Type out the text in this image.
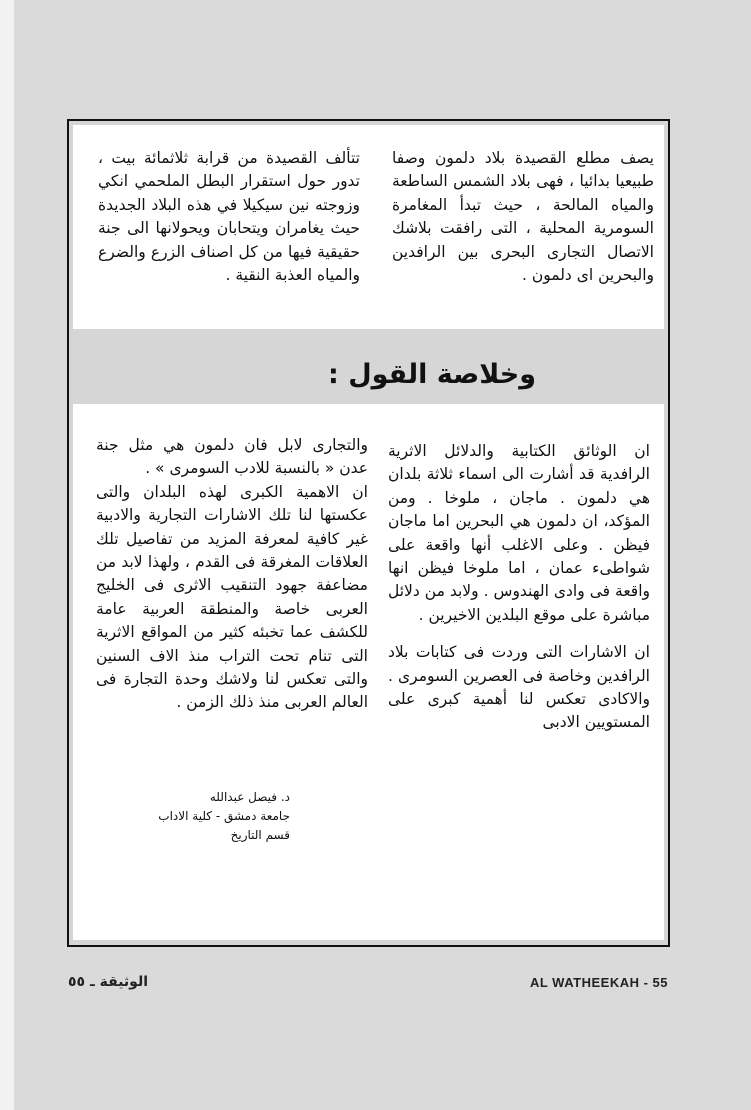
يصف مطلع القصيدة بلاد دلمون وصفا طبيعيا بدائيا ، فهى بلاد الشمس الساطعة والمياه المالحة ، حيث تبدأ المغامرة السومرية المحلية ، التى رافقت بلاشك الاتصال التجارى البحرى بين الرافدين والبحرين اى دلمون .

تتألف القصيدة من قرابة ثلاثمائة بيت ، تدور حول استقرار البطل الملحمي انكي وزوجته نين سيكيلا في هذه البلاد الجديدة حيث يغامران ويتحابان ويحولانها الى جنة حقيقية فيها من كل اصناف الزرع والضرع والمياه العذبة النقية .

وخلاصة القول :

ان الوثائق الكتابية والدلائل الاثرية الرافدية قد أشارت الى اسماء ثلاثة بلدان هي دلمون . ماجان ، ملوخا . ومن المؤكد، ان دلمون هي البحرين اما ماجان فيظن . وعلى الاغلب أنها واقعة على شواطىء عمان ، اما ملوخا فيظن انها واقعة فى وادى الهندوس . ولابد من دلائل مباشرة على موقع البلدين الاخيرين .

ان الاشارات التى وردت فى كتابات بلاد الرافدين وخاصة فى العصرين السومرى . والاكادى تعكس لنا أهمية كبرى على المستويين الادبى

والتجارى لابل فان دلمون هي مثل جنة عدن « بالنسبة للادب السومرى » .

ان الاهمية الكبرى لهذه البلدان والتى عكستها لنا تلك الاشارات التجارية والادبية غير كافية لمعرفة المزيد من تفاصيل تلك العلاقات المغرقة فى القدم ، ولهذا لابد من مضاعفة جهود التنقيب الاثرى فى الخليج العربى خاصة والمنطقة العربية عامة للكشف عما تخبئه كثير من المواقع الاثرية التى تنام تحت التراب منذ الاف السنين والتى تعكس لنا ولاشك وحدة التجارة فى العالم العربى منذ ذلك الزمن .

د. فيصل عبدالله
جامعة دمشق - كلية الاداب
قسم التاريخ
الوثيقة ـ ٥٥	AL WATHEEKAH - 55
